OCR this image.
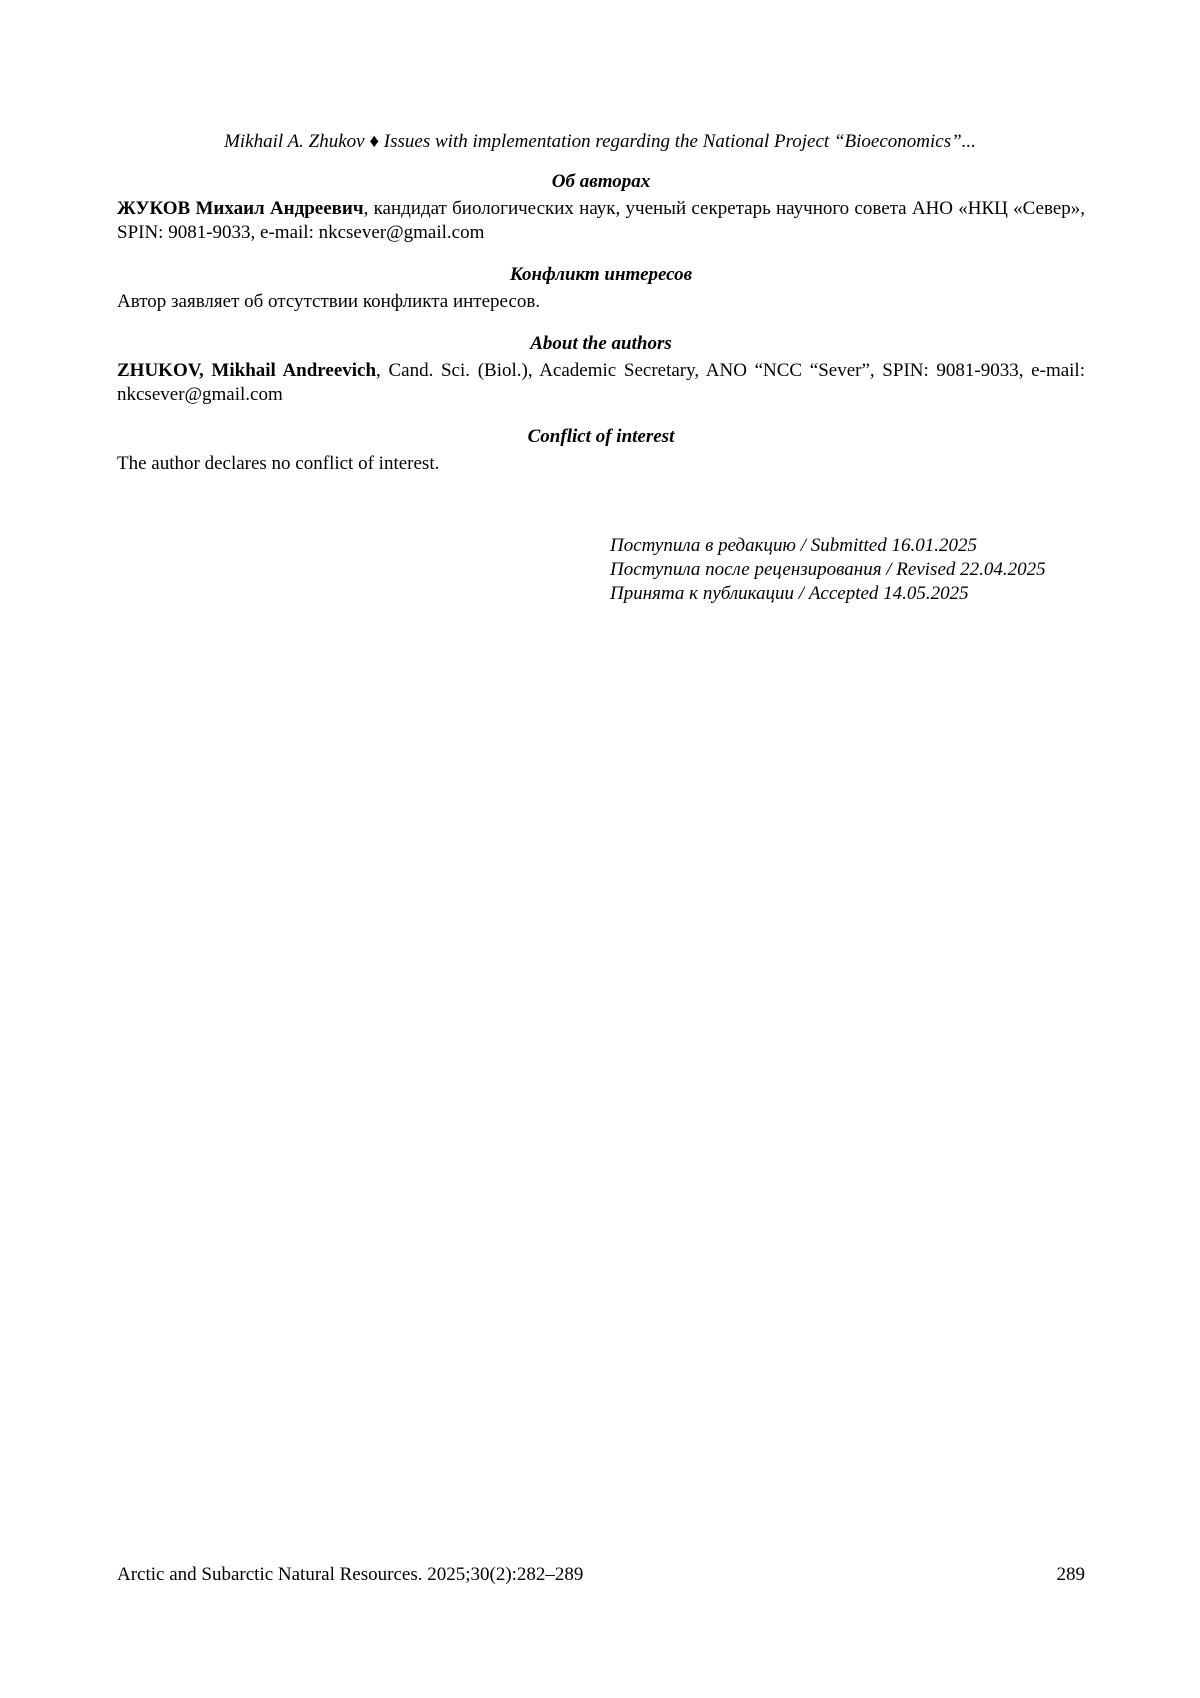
Mikhail A. Zhukov ♦ Issues with implementation regarding the National Project “Bioeconomics”...

Об авторах

ЖУКОВ Михаил Андреевич, кандидат биологических наук, ученый секретарь научного совета АНО «НКЦ «Север», SPIN: 9081-9033, e-mail: nkcsever@gmail.com

Конфликт интересов

Автор заявляет об отсутствии конфликта интересов.

About the authors

ZHUKOV, Mikhail Andreevich, Cand. Sci. (Biol.), Academic Secretary, ANO “NCC “Sever”, SPIN: 9081-9033, e-mail: nkcsever@gmail.com

Conflict of interest

The author declares no conflict of interest.

Поступила в редакцию / Submitted 16.01.2025
Поступила после рецензирования / Revised 22.04.2025
Принята к публикации / Accepted 14.05.2025
Arctic and Subarctic Natural Resources. 2025;30(2):282–289	289
